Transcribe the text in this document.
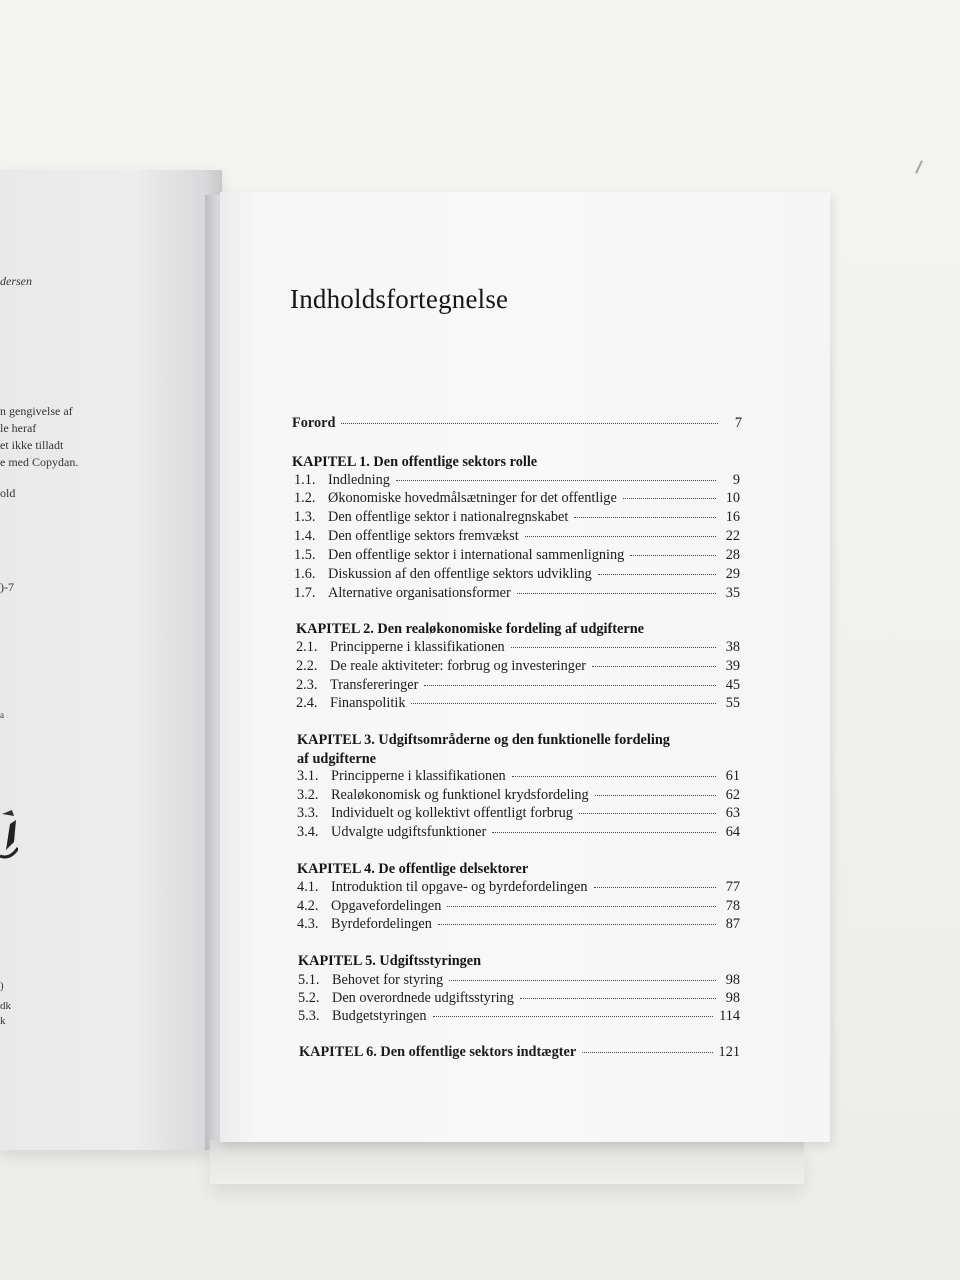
dersen
n gengivelse af
le heraf
et ikke tilladt
e med Copydan.
old
)-7
a
)
dk
k
Indholdsfortegnelse
Forord	7
KAPITEL 1. Den offentlige sektors rolle
1.1. Indledning	9
1.2. Økonomiske hovedmålsætninger for det offentlige	10
1.3. Den offentlige sektor i nationalregnskabet	16
1.4. Den offentlige sektors fremvækst	22
1.5. Den offentlige sektor i international sammenligning	28
1.6. Diskussion af den offentlige sektors udvikling	29
1.7. Alternative organisationsformer	35
KAPITEL 2. Den realøkonomiske fordeling af udgifterne
2.1. Principperne i klassifikationen	38
2.2. De reale aktiviteter: forbrug og investeringer	39
2.3. Transfereringer	45
2.4. Finanspolitik	55
KAPITEL 3. Udgiftsområderne og den funktionelle fordeling
af udgifterne
3.1. Principperne i klassifikationen	61
3.2. Realøkonomisk og funktionel krydsfordeling	62
3.3. Individuelt og kollektivt offentligt forbrug	63
3.4. Udvalgte udgiftsfunktioner	64
KAPITEL 4. De offentlige delsektorer
4.1. Introduktion til opgave- og byrdefordelingen	77
4.2. Opgavefordelingen	78
4.3. Byrdefordelingen	87
KAPITEL 5. Udgiftsstyringen
5.1. Behovet for styring	98
5.2. Den overordnede udgiftsstyring	98
5.3. Budgetstyringen	114
KAPITEL 6. Den offentlige sektors indtægter	121
